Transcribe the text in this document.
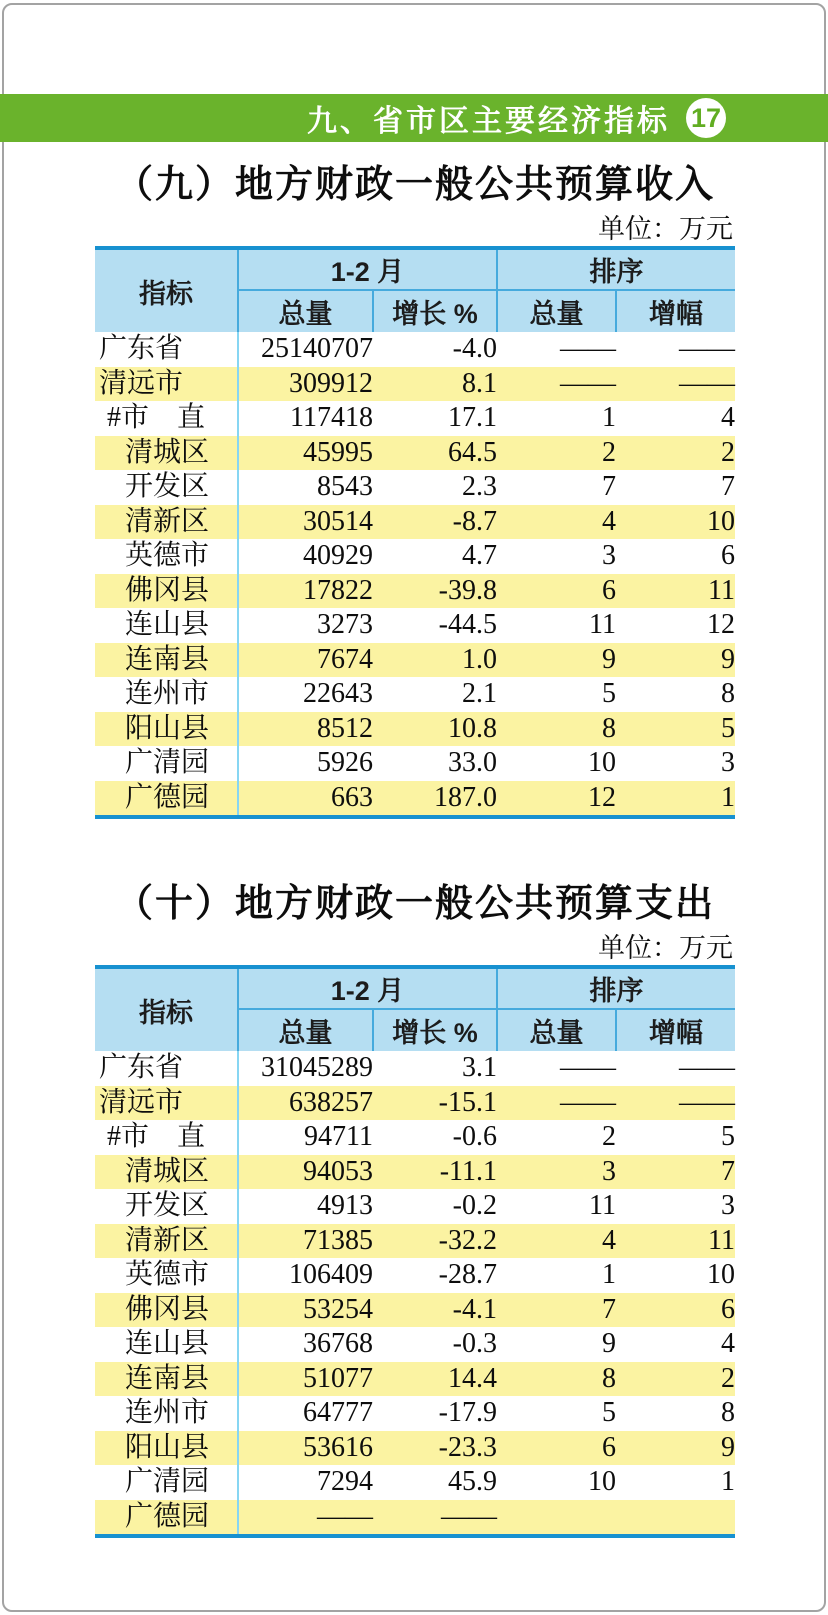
九、省市区主要经济指标 17
（九）地方财政一般公共预算收入
单位：万元
指标	1-2 月		排序	
	总量	增长 %	总量	增幅
广东省	25140707	-4.0	——	——
清远市	309912	8.1	——	——
#市　直	117418	17.1	1	4
清城区	45995	64.5	2	2
开发区	8543	2.3	7	7
清新区	30514	-8.7	4	10
英德市	40929	4.7	3	6
佛冈县	17822	-39.8	6	11
连山县	3273	-44.5	11	12
连南县	7674	1.0	9	9
连州市	22643	2.1	5	8
阳山县	8512	10.8	8	5
广清园	5926	33.0	10	3
广德园	663	187.0	12	1
（十）地方财政一般公共预算支出
单位：万元
指标	1-2 月		排序	
	总量	增长 %	总量	增幅
广东省	31045289	3.1	——	——
清远市	638257	-15.1	——	——
#市　直	94711	-0.6	2	5
清城区	94053	-11.1	3	7
开发区	4913	-0.2	11	3
清新区	71385	-32.2	4	11
英德市	106409	-28.7	1	10
佛冈县	53254	-4.1	7	6
连山县	36768	-0.3	9	4
连南县	51077	14.4	8	2
连州市	64777	-17.9	5	8
阳山县	53616	-23.3	6	9
广清园	7294	45.9	10	1
广德园	——	——		
